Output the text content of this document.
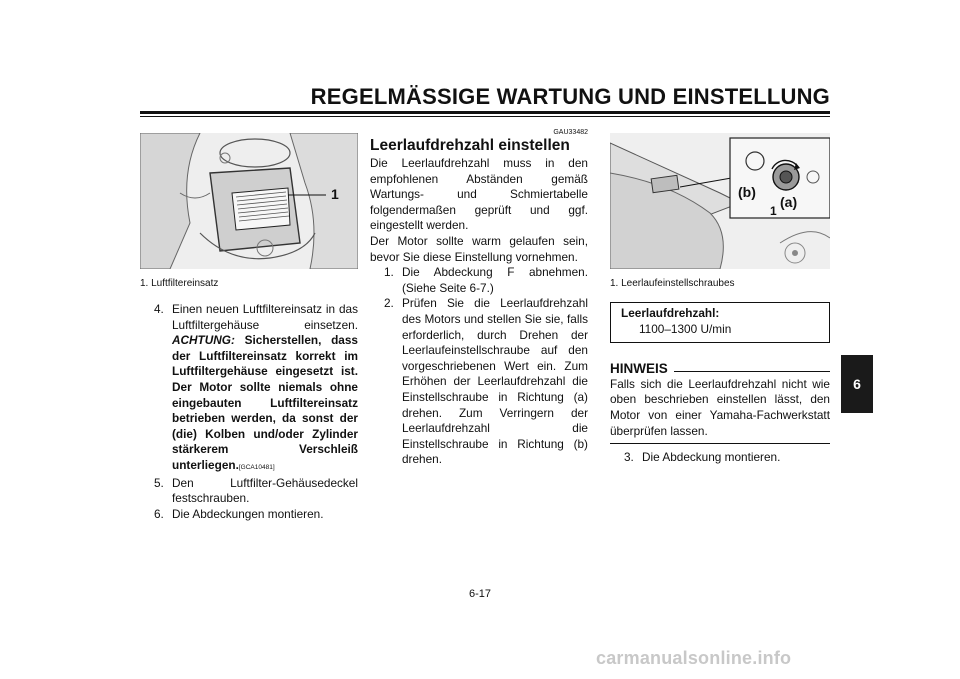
REGELMÄSSIGE WARTUNG UND EINSTELLUNG
6
1
1. Luftfiltereinsatz
4. Einen neuen Luftfiltereinsatz in das Luftfiltergehäuse einsetzen. ACHTUNG: Sicherstellen, dass der Luftfiltereinsatz korrekt im Luftfiltergehäuse eingesetzt ist. Der Motor sollte niemals ohne eingebauten Luftfiltereinsatz betrieben werden, da sonst der (die) Kolben und/oder Zylinder stärkerem Verschleiß unterliegen.[GCA10481]
5. Den Luftfilter-Gehäusedeckel festschrauben.
6. Die Abdeckungen montieren.
GAU33482
Leerlaufdrehzahl einstellen
Die Leerlaufdrehzahl muss in den empfohlenen Abständen gemäß Wartungs- und Schmiertabelle folgendermaßen geprüft und ggf. eingestellt werden.
Der Motor sollte warm gelaufen sein, bevor Sie diese Einstellung vornehmen.
1. Die Abdeckung F abnehmen. (Siehe Seite 6-7.)
2. Prüfen Sie die Leerlaufdrehzahl des Motors und stellen Sie sie, falls erforderlich, durch Drehen der Leerlaufeinstellschraube auf den vorgeschriebenen Wert ein. Zum Erhöhen der Leerlaufdrehzahl die Einstellschraube in Richtung (a) drehen. Zum Verringern der Leerlaufdrehzahl die Einstellschraube in Richtung (b) drehen.
(b)
(a)
1
1. Leerlaufeinstellschraubes
Leerlaufdrehzahl:
1100–1300 U/min
HINWEIS
Falls sich die Leerlaufdrehzahl nicht wie oben beschrieben einstellen lässt, den Motor von einer Yamaha-Fachwerkstatt überprüfen lassen.
3. Die Abdeckung montieren.
6-17
carmanualsonline.info
